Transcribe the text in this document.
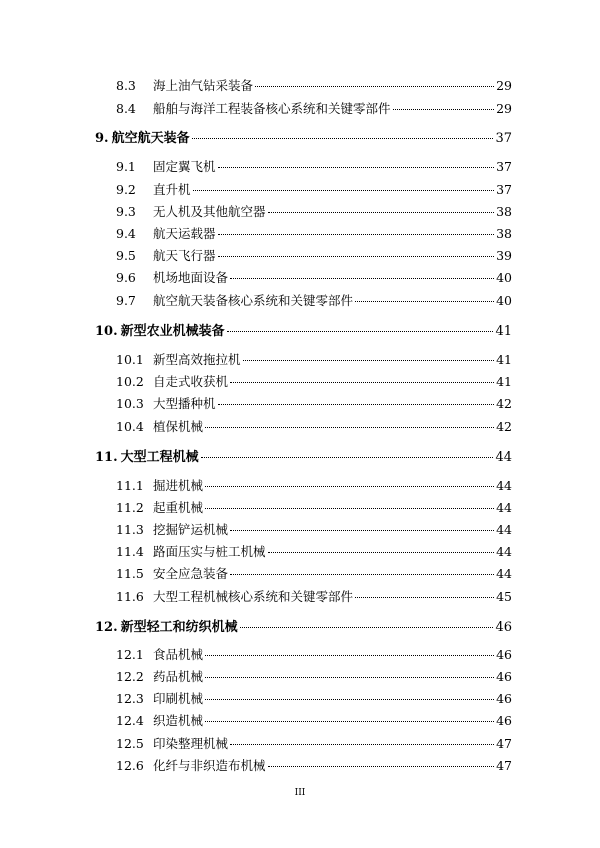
8.3	海上油气钻采装备	29
8.4	船舶与海洋工程装备核心系统和关键零部件	29
9. 航空航天装备	37
9.1	固定翼飞机	37
9.2	直升机	37
9.3	无人机及其他航空器	38
9.4	航天运载器	38
9.5	航天飞行器	39
9.6	机场地面设备	40
9.7	航空航天装备核心系统和关键零部件	40
10. 新型农业机械装备	41
10.1 新型高效拖拉机	41
10.2 自走式收获机	41
10.3 大型播种机	42
10.4 植保机械	42
11. 大型工程机械	44
11.1 掘进机械	44
11.2 起重机械	44
11.3 挖掘铲运机械	44
11.4 路面压实与桩工机械	44
11.5 安全应急装备	44
11.6 大型工程机械核心系统和关键零部件	45
12. 新型轻工和纺织机械	46
12.1 食品机械	46
12.2 药品机械	46
12.3 印刷机械	46
12.4 织造机械	46
12.5 印染整理机械	47
12.6 化纤与非织造布机械	47
III
